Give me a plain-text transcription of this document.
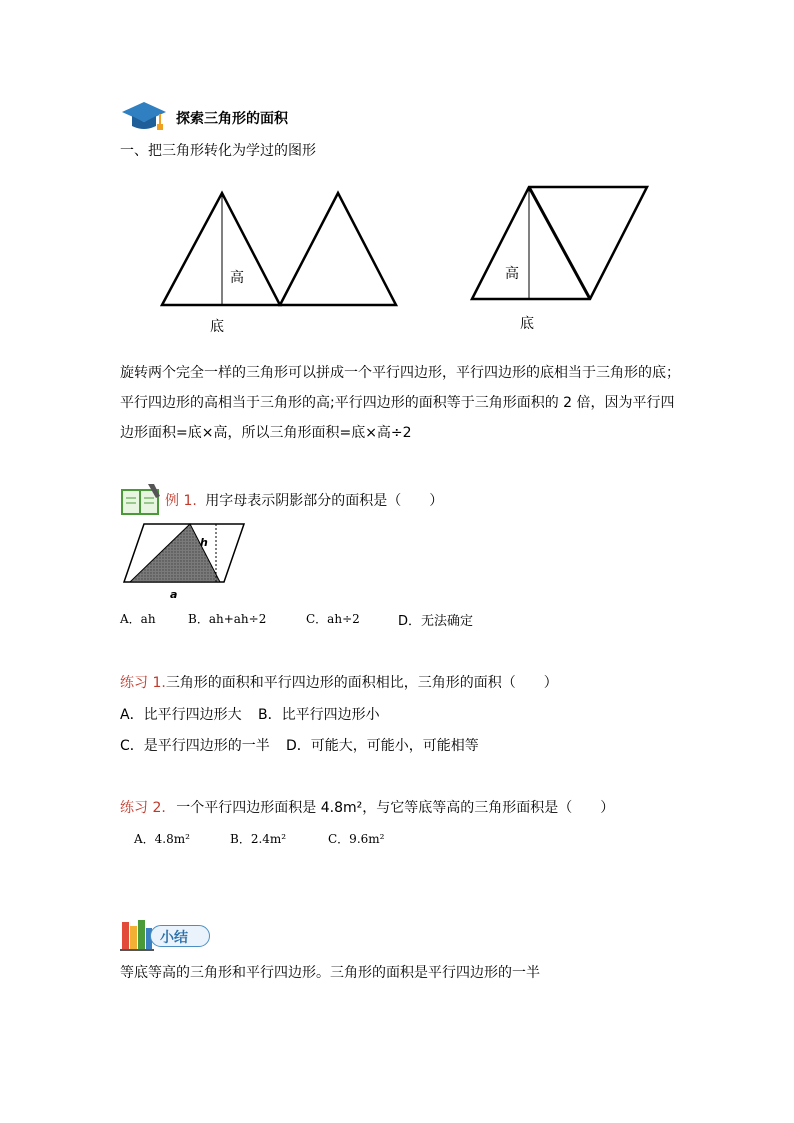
探索三角形的面积
一、把三角形转化为学过的图形
高
底
高
底
旋转两个完全一样的三角形可以拼成一个平行四边形，平行四边形的底相当于三角形的底；
平行四边形的高相当于三角形的高;平行四边形的面积等于三角形面积的 2 倍，因为平行四
边形面积=底×高，所以三角形面积=底×高÷2
例 1. 用字母表示阴影部分的面积是（　　）
h
a
A．ah	B．ah+ah÷2	C．ah÷2	D．无法确定
练习 1.三角形的面积和平行四边形的面积相比，三角形的面积（　　）
A．比平行四边形大 B．比平行四边形小
C．是平行四边形的一半 D．可能大，可能小，可能相等
练习 2. 一个平行四边形面积是 4.8m²，与它等底等高的三角形面积是（　　）
A．4.8m²	B．2.4m²	C．9.6m²
小结
等底等高的三角形和平行四边形。三角形的面积是平行四边形的一半
